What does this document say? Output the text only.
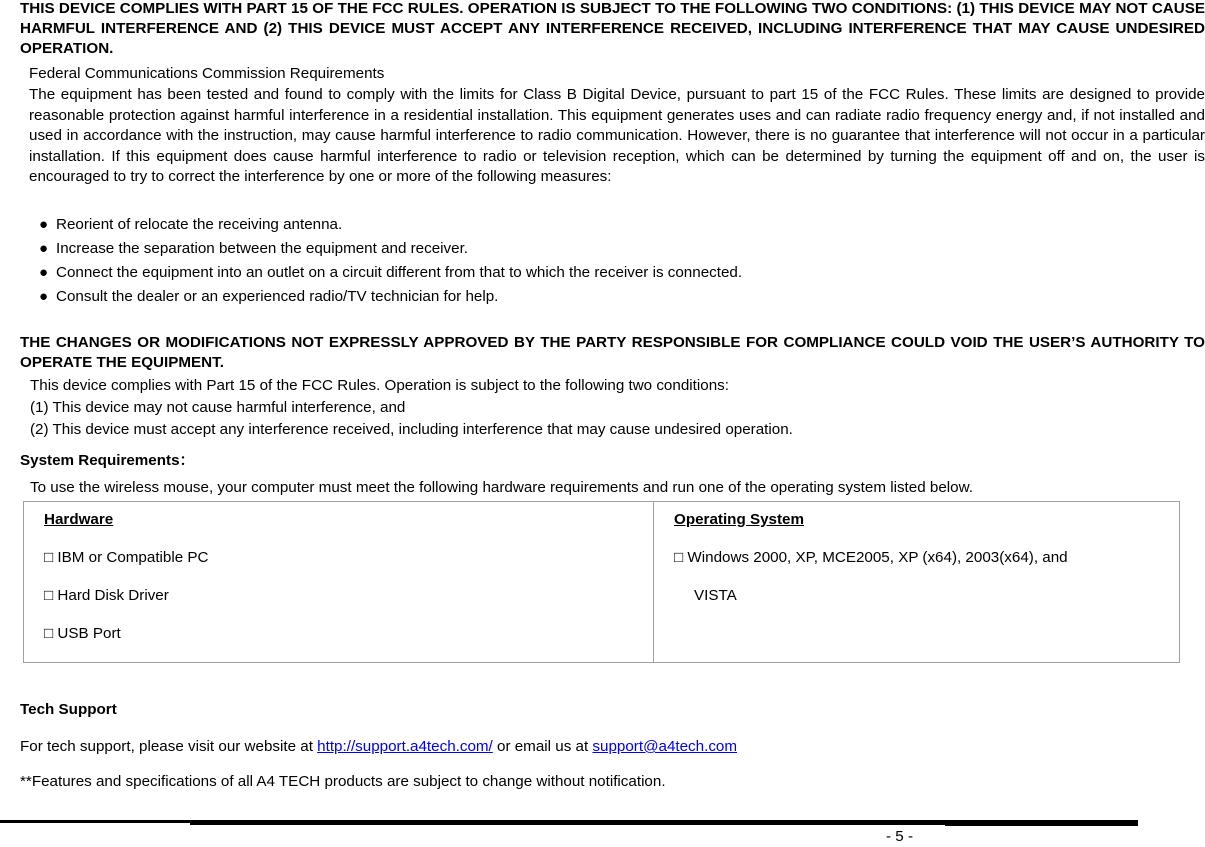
THIS DEVICE COMPLIES WITH PART 15 OF THE FCC RULES. OPERATION IS SUBJECT TO THE FOLLOWING TWO CONDITIONS: (1) THIS DEVICE MAY NOT CAUSE HARMFUL INTERFERENCE AND (2) THIS DEVICE MUST ACCEPT ANY INTERFERENCE RECEIVED, INCLUDING INTERFERENCE THAT MAY CAUSE UNDESIRED OPERATION.

Federal Communications Commission Requirements
The equipment has been tested and found to comply with the limits for Class B Digital Device, pursuant to part 15 of the FCC Rules. These limits are designed to provide reasonable protection against harmful interference in a residential installation. This equipment generates uses and can radiate radio frequency energy and, if not installed and used in accordance with the instruction, may cause harmful interference to radio communication. However, there is no guarantee that interference will not occur in a particular installation. If this equipment does cause harmful interference to radio or television reception, which can be determined by turning the equipment off and on, the user is encouraged to try to correct the interference by one or more of the following measures:
● Reorient of relocate the receiving antenna.
● Increase the separation between the equipment and receiver.
● Connect the equipment into an outlet on a circuit different from that to which the receiver is connected.
● Consult the dealer or an experienced radio/TV technician for help.

THE CHANGES OR MODIFICATIONS NOT EXPRESSLY APPROVED BY THE PARTY RESPONSIBLE FOR COMPLIANCE COULD VOID THE USER’S AUTHORITY TO OPERATE THE EQUIPMENT.

This device complies with Part 15 of the FCC Rules. Operation is subject to the following two conditions:
(1) This device may not cause harmful interference, and
(2) This device must accept any interference received, including interference that may cause undesired operation.
System Requirements：
To use the wireless mouse, your computer must meet the following hardware requirements and run one of the operating system listed below.
Hardware
□ IBM or Compatible PC
□ Hard Disk Driver
□ USB Port

Operating System
□ Windows 2000, XP, MCE2005, XP (x64), 2003(x64), and
VISTA
Tech Support
For tech support, please visit our website at http://support.a4tech.com/ or email us at support@a4tech.com
**Features and specifications of all A4 TECH products are subject to change without notification.
- 5 -
